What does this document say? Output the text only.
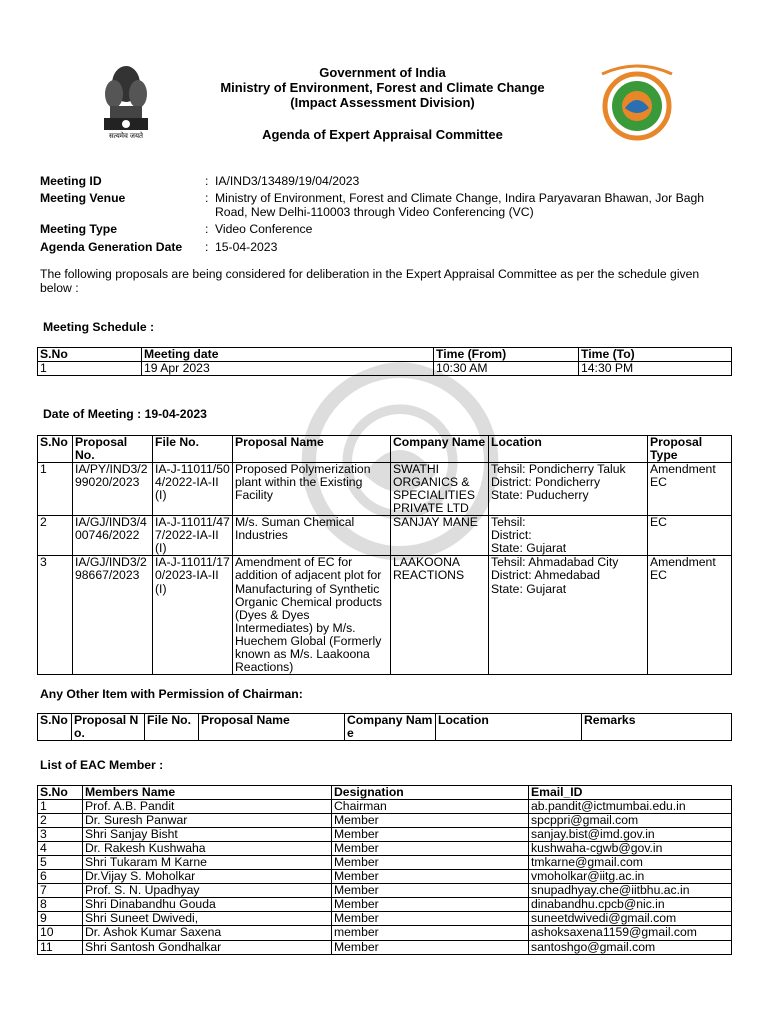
सत्यमेव जयते
Government of India
Ministry of Environment, Forest and Climate Change
(Impact Assessment Division)
Agenda of Expert Appraisal Committee
Meeting ID	:	IA/IND3/13489/19/04/2023
Meeting Venue	:	Ministry of Environment, Forest and Climate Change, Indira Paryavaran Bhawan, Jor Bagh Road, New Delhi-110003 through Video Conferencing (VC)
Meeting Type	:	Video Conference
Agenda Generation Date	:	15-04-2023
The following proposals are being considered for deliberation in the Expert Appraisal Committee as per the schedule given below :
Meeting Schedule :
S.No	Meeting date	Time (From)	Time (To)
1	19 Apr 2023	10:30 AM	14:30 PM
Date of Meeting : 19-04-2023
S.No	Proposal No.	File No.	Proposal Name	Company Name	Location	Proposal Type
1	IA/PY/IND3/299020/2023	IA-J-11011/504/2022-IA-II(I)	Proposed Polymerization plant within the Existing Facility	SWATHI ORGANICS & SPECIALITIES PRIVATE LTD	Tehsil: Pondicherry Taluk
District: Pondicherry
State: Puducherry	Amendment EC
2	IA/GJ/IND3/400746/2022	IA-J-11011/477/2022-IA-II(I)	M/s. Suman Chemical Industries	SANJAY MANE	Tehsil:
District:
State: Gujarat	EC
3	IA/GJ/IND3/298667/2023	IA-J-11011/170/2023-IA-II(I)	Amendment of EC for addition of adjacent plot for Manufacturing of Synthetic Organic Chemical products (Dyes & Dyes Intermediates) by M/s. Huechem Global (Formerly known as M/s. Laakoona Reactions)	LAAKOONA REACTIONS	Tehsil: Ahmadabad City
District: Ahmedabad
State: Gujarat	Amendment EC
Any Other Item with Permission of Chairman:
S.No	Proposal No.	File No.	Proposal Name	Company Name	Location	Remarks
List of EAC Member :
S.No	Members Name	Designation	Email_ID
1	Prof. A.B. Pandit	Chairman	ab.pandit@ictmumbai.edu.in
2	Dr. Suresh Panwar	Member	spcppri@gmail.com
3	Shri Sanjay Bisht	Member	sanjay.bist@imd.gov.in
4	Dr. Rakesh Kushwaha	Member	kushwaha-cgwb@gov.in
5	Shri Tukaram M Karne	Member	tmkarne@gmail.com
6	Dr.Vijay S. Moholkar	Member	vmoholkar@iitg.ac.in
7	Prof. S. N. Upadhyay	Member	snupadhyay.che@iitbhu.ac.in
8	Shri Dinabandhu Gouda	Member	dinabandhu.cpcb@nic.in
9	Shri Suneet Dwivedi,	Member	suneetdwivedi@gmail.com
10	Dr. Ashok Kumar Saxena	member	ashoksaxena1159@gmail.com
11	Shri Santosh Gondhalkar	Member	santoshgo@gmail.com
